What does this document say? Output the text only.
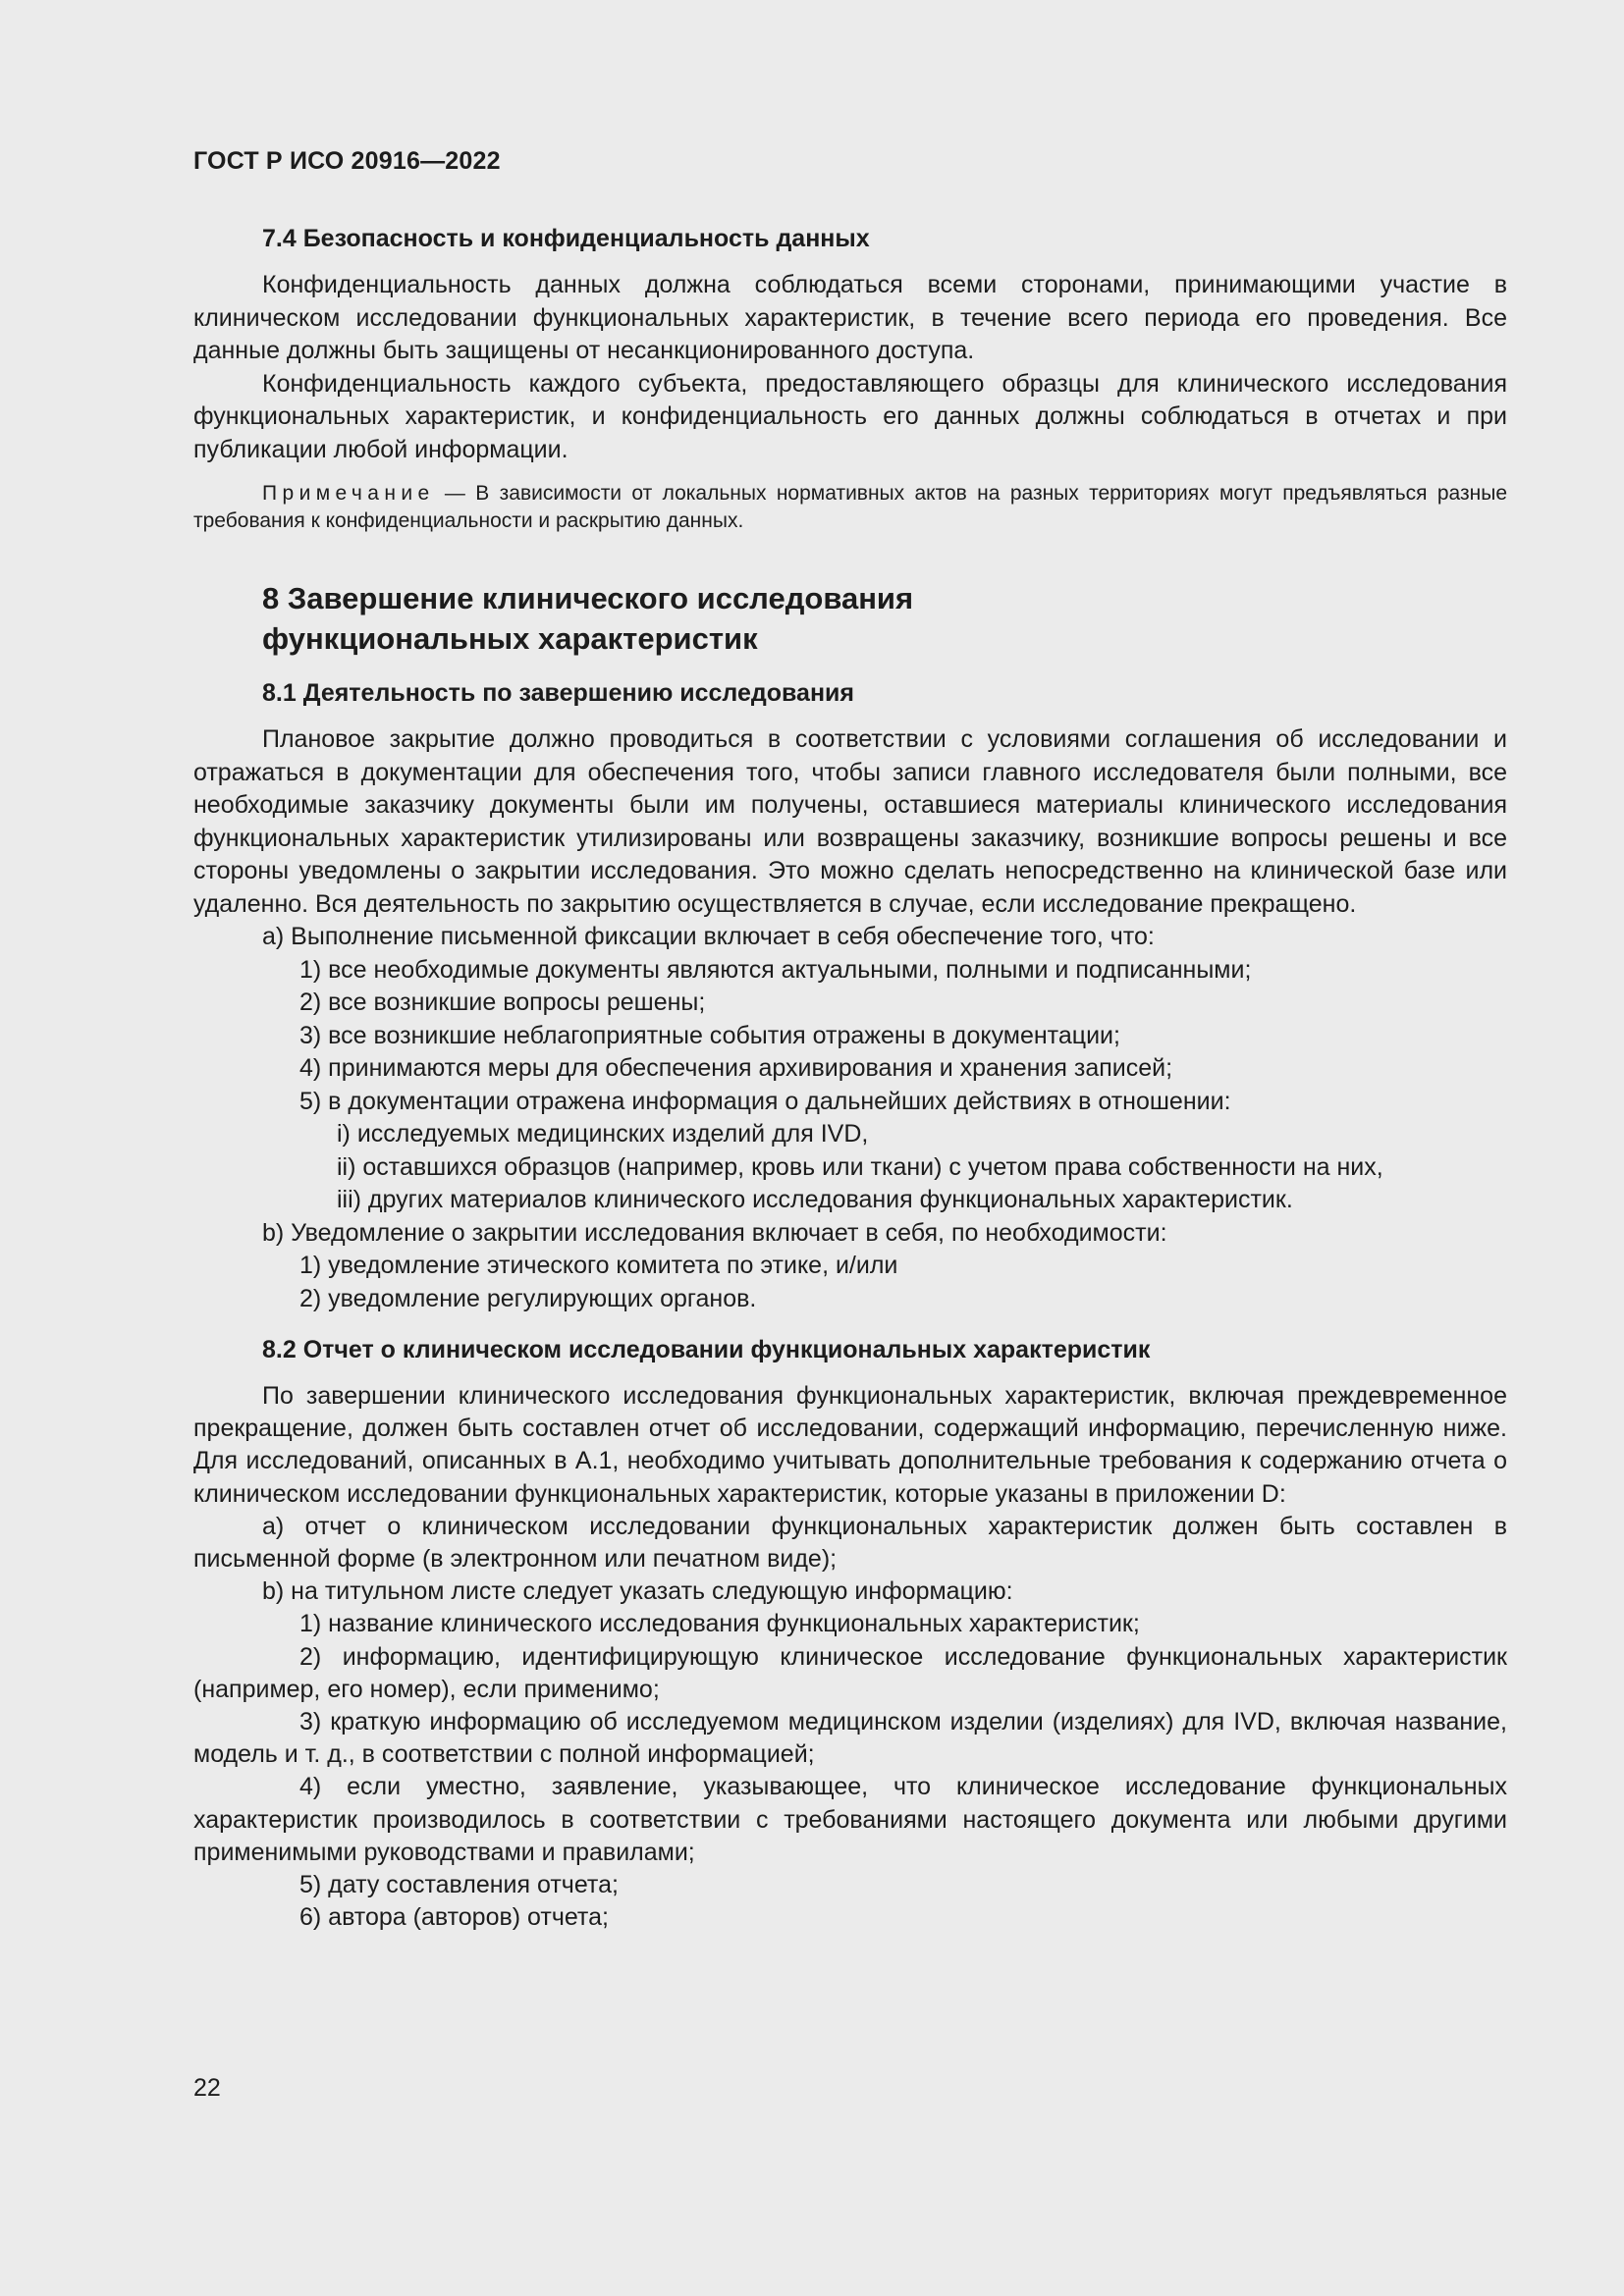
ГОСТ Р ИСО 20916—2022
7.4 Безопасность и конфиденциальность данных
Конфиденциальность данных должна соблюдаться всеми сторонами, принимающими участие в клиническом исследовании функциональных характеристик, в течение всего периода его проведения. Все данные должны быть защищены от несанкционированного доступа.
Конфиденциальность каждого субъекта, предоставляющего образцы для клинического исследования функциональных характеристик, и конфиденциальность его данных должны соблюдаться в отчетах и при публикации любой информации.
Примечание — В зависимости от локальных нормативных актов на разных территориях могут предъявляться разные требования к конфиденциальности и раскрытию данных.
8 Завершение клинического исследования
функциональных характеристик
8.1 Деятельность по завершению исследования
Плановое закрытие должно проводиться в соответствии с условиями соглашения об исследовании и отражаться в документации для обеспечения того, чтобы записи главного исследователя были полными, все необходимые заказчику документы были им получены, оставшиеся материалы клинического исследования функциональных характеристик утилизированы или возвращены заказчику, возникшие вопросы решены и все стороны уведомлены о закрытии исследования. Это можно сделать непосредственно на клинической базе или удаленно. Вся деятельность по закрытию осуществляется в случае, если исследование прекращено.
а) Выполнение письменной фиксации включает в себя обеспечение того, что:
1) все необходимые документы являются актуальными, полными и подписанными;
2) все возникшие вопросы решены;
3) все возникшие неблагоприятные события отражены в документации;
4) принимаются меры для обеспечения архивирования и хранения записей;
5) в документации отражена информация о дальнейших действиях в отношении:
i) исследуемых медицинских изделий для IVD,
ii) оставшихся образцов (например, кровь или ткани) с учетом права собственности на них,
iii) других материалов клинического исследования функциональных характеристик.
b) Уведомление о закрытии исследования включает в себя, по необходимости:
1) уведомление этического комитета по этике, и/или
2) уведомление регулирующих органов.
8.2 Отчет о клиническом исследовании функциональных характеристик
По завершении клинического исследования функциональных характеристик, включая преждевременное прекращение, должен быть составлен отчет об исследовании, содержащий информацию, перечисленную ниже. Для исследований, описанных в А.1, необходимо учитывать дополнительные требования к содержанию отчета о клиническом исследовании функциональных характеристик, которые указаны в приложении D:
а) отчет о клиническом исследовании функциональных характеристик должен быть составлен в письменной форме (в электронном или печатном виде);
b) на титульном листе следует указать следующую информацию:
1) название клинического исследования функциональных характеристик;
2) информацию, идентифицирующую клиническое исследование функциональных характеристик (например, его номер), если применимо;
3) краткую информацию об исследуемом медицинском изделии (изделиях) для IVD, включая название, модель и т. д., в соответствии с полной информацией;
4) если уместно, заявление, указывающее, что клиническое исследование функциональных характеристик производилось в соответствии с требованиями настоящего документа или любыми другими применимыми руководствами и правилами;
5) дату составления отчета;
6) автора (авторов) отчета;
22
